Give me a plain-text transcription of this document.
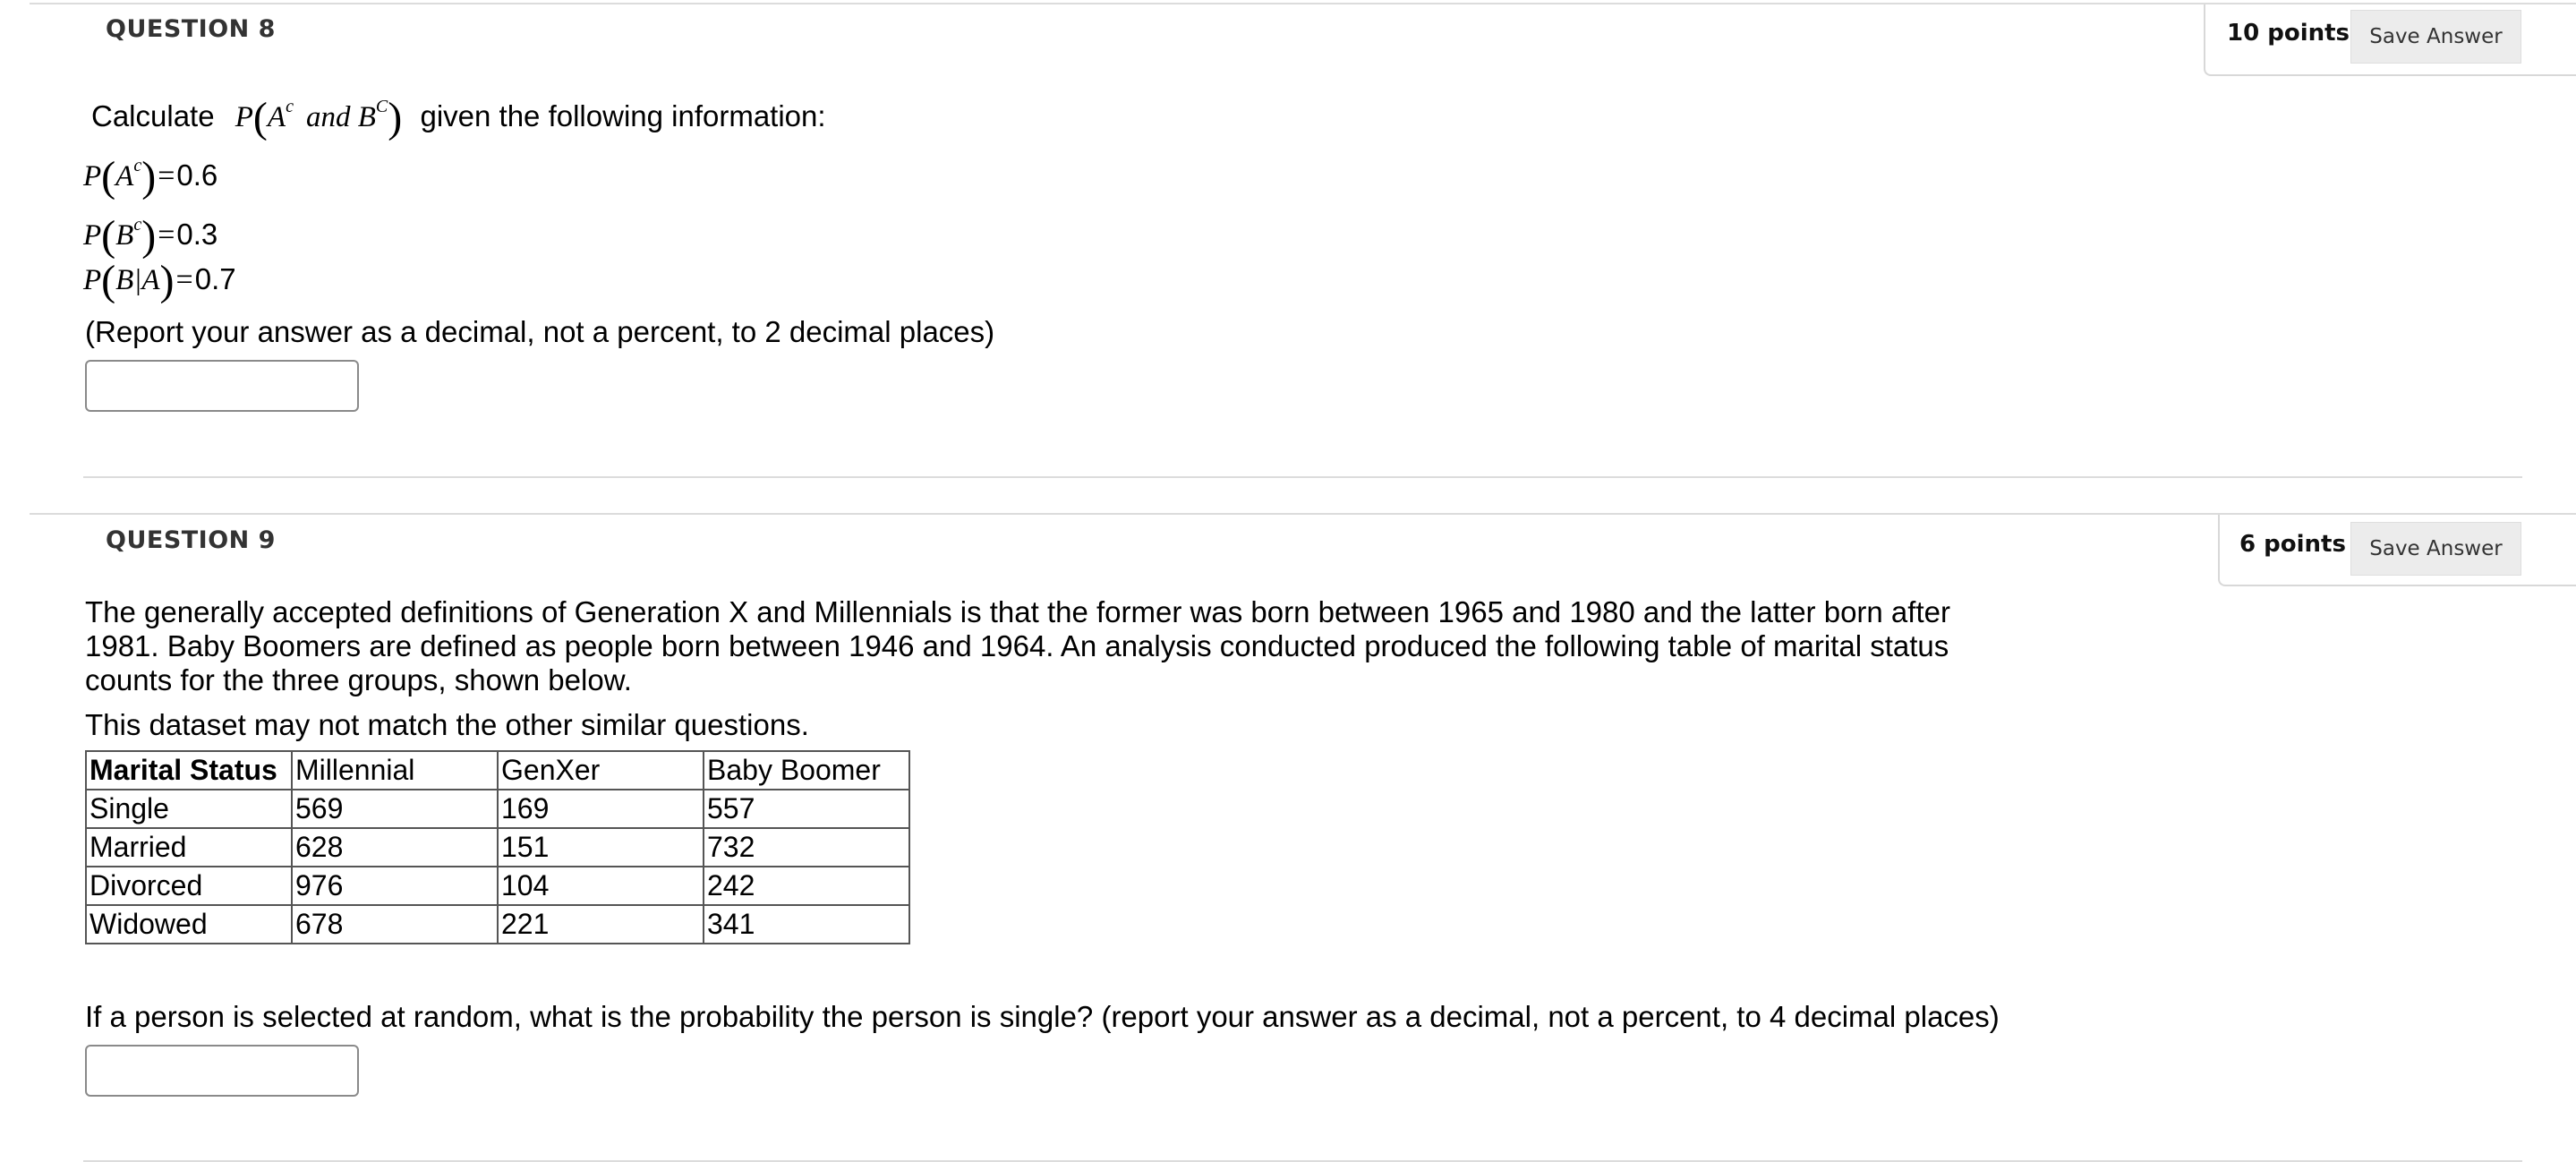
QUESTION 8	10 points Save Answer
Calculate $P(A^c$ and $B^C$) given the following information:
$P(A^c)=0.6$
$P(B^c)=0.3$
P(B|A)=0.7
(Report your answer as a decimal, not a percent, to 2 decimal places)
QUESTION 9	6 points	Save Answer
The generally accepted definitions of Generation X and Millennials is that the former was born between 1965 and 1980 and the latter born after 1981. Baby Boomers are defined as people born between 1946 and 1964. An analysis conducted produced the following table of marital status counts for the three groups, shown below.
This dataset may not match the other similar questions.
Marital Status	Millennial	GenXer	Baby Boomer
Single	569	169	557
Married	628	151	732
Divorced	976	104	242
Widowed	678	221	341
If a person is selected at random, what is the probability the person is single? (report your answer as a decimal, not a percent, to 4 decimal places)
